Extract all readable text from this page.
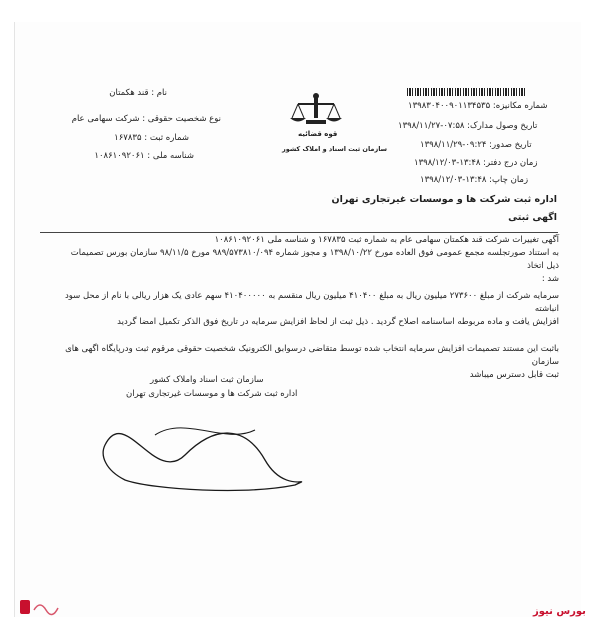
نام : قند هکمتان
نوع شخصیت حقوقی : شرکت سهامی عام
شماره ثبت : ۱۶۷۸۳۵
شناسه ملی : ۱۰۸۶۱۰۹۲۰۶۱
قوه قضائیه
سازمان ثبت اسناد و املاک کشور
شماره مکانیزه: ۱۳۹۸۳۰۴۰۰۹۰۱۱۳۴۵۳۵
تاریخ وصول مدارک: ۰۷:۵۸-۱۳۹۸/۱۱/۲۷
تاریخ صدور: ۰۹:۲۴-۱۳۹۸/۱۱/۲۹
زمان درج دفتر: ۱۳:۴۸-۱۳۹۸/۱۲/۰۳
زمان چاپ: ۱۳:۴۸-۱۳۹۸/۱۲/۰۳
اداره ثبت شرکت ها و موسسات غیرتجاری تهران
اگهی ثبتی
آگهی تغییرات شرکت قند هکمتان سهامی عام به شماره ثبت ۱۶۷۸۳۵ و شناسه ملی ۱۰۸۶۱۰۹۲۰۶۱
به استناد صورتجلسه مجمع عمومی فوق العاده مورخ ۱۳۹۸/۱۰/۲۲ و مجوز شماره ۹۸۹/۵۷۳۸۱۰/۰۹۴ مورخ ۹۸/۱۱/۵ سازمان بورس تصمیمات ذیل اتخاذ
شد :
سرمایه شرکت از مبلغ ۲۷۳۶۰۰ میلیون ریال به مبلغ ۴۱۰۴۰۰ میلیون ریال منقسم به ۴۱۰۴۰۰۰۰۰ سهم عادی یک هزار ریالی با نام از محل سود انباشته
افزایش یافت و ماده مربوطه اساسنامه اصلاح گردید . ذیل ثبت از لحاظ افزایش سرمایه در تاریخ فوق الذکر تکمیل امضا گردید
باثبت این مستند تصمیمات افزایش سرمایه انتخاب شده توسط متقاضی درسوابق الکترونیک شخصیت حقوقی مرقوم ثبت ودرپایگاه اگهی های سازمان
ثبت قابل دسترس میباشد
سازمان ثبت اسناد واملاک کشور
اداره ثبت شرکت ها و موسسات غیرتجاری تهران
بورس نیوز
